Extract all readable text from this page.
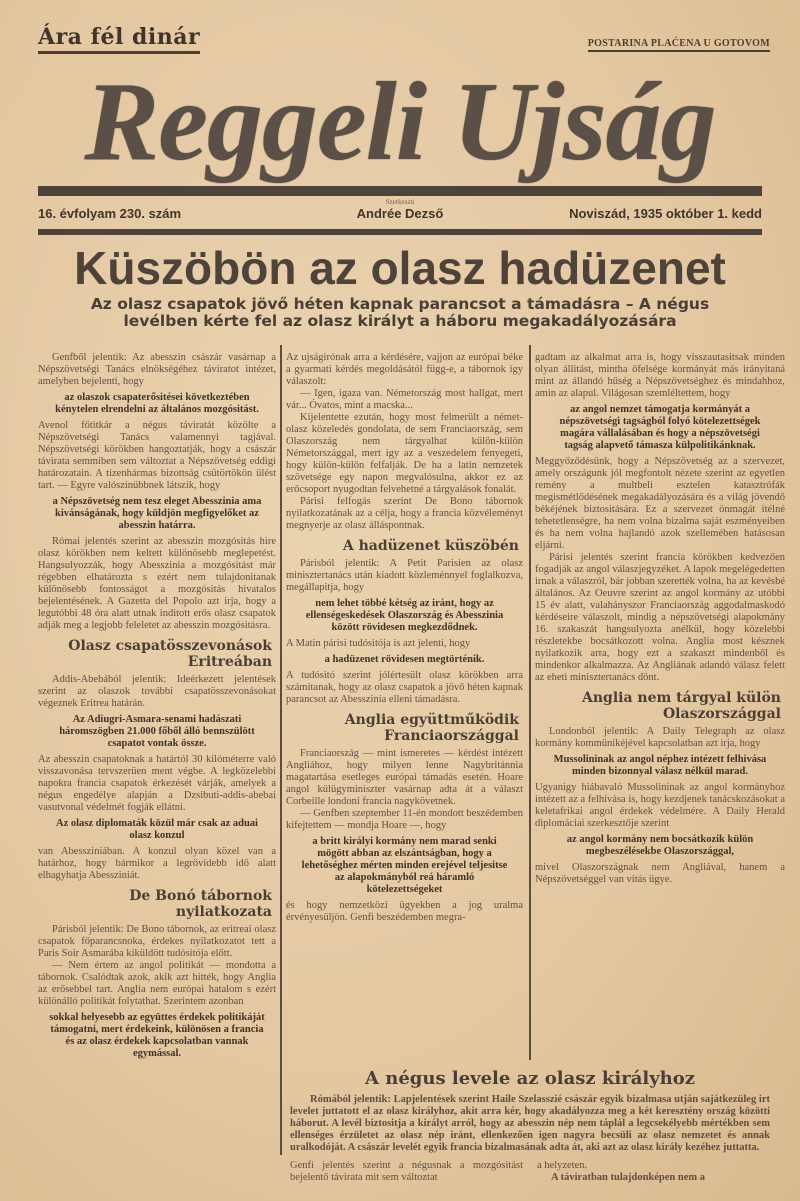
Ára fél dinár	POSTARINA PLAĆENA U GOTOVOM
Reggeli Ujság
Szerkeszti
16. évfolyam 230. szám	Andrée Dezső	Noviszád, 1935 október 1. kedd
Küszöbön az olasz hadüzenet
Az olasz csapatok jövő héten kapnak parancsot a támadásra – A négus levélben kérte fel az olasz királyt a háboru megakadályozására

Genfből jelentik: Az abesszin császár vasárnap a Népszövetségi Tanács elnökségéhez táviratot intézet, amelyben bejelenti, hogy

az olaszok csapaterősitései következtében kénytelen elrendelni az általános mozgósitást.

Avenol főtitkár a négus táviratát közölte a Népszövetségi Tanács valamennyi tagjával. Népszövetségi körökben hangoztatják, hogy a császár távirata semmiben sem változtat a Népszövetség eddigi határozatain. A tizenhármas bizottság csütörtökön ülést tart. — Egyre valószinübbnek látszik, hogy

a Népszövetség nem tesz eleget Abesszinia ama kivánságának, hogy küldjön megfigyelőket az abesszin határra.

Római jelentés szerint az abesszin mozgósitás hire olasz körökben nem keltett különösebb meglepetést. Hangsulyozzák, hogy Abesszinia a mozgósitást már régebben elhatározta s ezért nem tulajdonitanak különösebb fontosságot a mozgósitás hivatalos bejelentésének. A Gazetta del Popolo azt irja, hogy a legutóbbi 48 óra alatt utnak inditott erős olasz csapatok adják meg a legjobb feleletet az abesszin mozgósitásra.

Olasz csapatösszevonások Eritreában

Addis-Abebából jelentik: Ideérkezett jelentések szerint az olaszok további csapatösszevonásokat végeznek Eritrea határán.

Az Adiugri-Asmara-senami hadászati háromszögben 21.000 főből álló bennszülött csapatot vontak össze.

Az abesszin csapatoknak a határtól 30 kilóméterre való visszavonása tervszerüen ment végbe. A legközelebbi napokra francia csapatok érkezését várják, amelyek a négus engedélye alapján a Dzsibuti-addis-abebai vasutvonal védelmét fogják ellátni.

Az olasz diplomaták közül már csak az aduai olasz konzul

van Abessziniában. A konzul olyan közel van a határhoz, hogy bármikor a legrövidebb idő alatt elhagyhatja Abessziniát.

De Bonó tábornok nyilatkozata

Párisból jelentik: De Bono tábornok, az eritreai olasz csapatok főparancsnoka, érdekes nyilatkozatot tett a Paris Soir Asmarába kiküldött tudósitója előtt.

— Nem értem az angol politikát — mondotta a tábornok. Csalódtak azok, akik azt hitték, hogy Anglia az erősebbel tart. Anglia nem európai hatalom s ezért különálló politikát folytathat. Szerintem azonban

sokkal helyesebb az együttes érdekek politikáját támogatni, mert érdekeink, különösen a francia és az olasz érdekek kapcsolatban vannak egymással.

Az ujságirónak arra a kérdésére, vajjon az európai béke a gyarmati kérdés megoldásától függ-e, a tábornok igy válaszolt:

— Igen, igaza van. Németország most hallgat, mert vár... Óvatos, mint a macska...

Kijelentette ezután, hogy most felmerült a német-olasz közeledés gondolata, de sem Franciaország, sem Olaszország nem tárgyalhat külön-külön Németországgal, mert igy az a veszedelem fenyegeti, hogy külön-külön felfalják. De ha a latin nemzetek szövetsége egy napon megvalósulna, akkor ez az erőcsoport nyugodtan felvehetné a tárgyalások fonalát.

Párisi felfogás szerint De Bono tábornok nyilatkozatának az a célja, hogy a francia közvéleményt megnyerje az olasz álláspontnak.

A hadüzenet küszöbén

Párisból jelentik: A Petit Parisien az olasz minisztertanács után kiadott közleménnyel foglalkozva, megállapitja, hogy

nem lehet többé kétség az iránt, hogy az ellenségeskedések Olaszország és Abesszinia között rövidesen megkezdődnek.

A Matin párisi tudósitója is azt jelenti, hogy

a hadüzenet rövidesen megtörténik.

A tudósitó szerint jólértesült olasz körökben arra számitanak, hogy az olasz csapatok a jövő héten kapnak parancsot az Abesszinia elleni támadásra.

Anglia együttműködik Franciaországgal

Franciaország — mint ismeretes — kérdést intézett Angliához, hogy milyen lenne Nagybritánnia magatartása esetleges európai támadás esetén. Hoare angol külügyminiszter vasárnap adta át a választ Corbeille londoni francia nagykövetnek.

— Genfben szeptember 11-én mondott beszédemben kifejtettem — mondja Hoare —, hogy

a britt királyi kormány nem marad senki mögött abban az elszántságban, hogy a lehetőséghez mérten minden erejével teljesitse az alapokmányból reá háramló kötelezettségeket

és hogy nemzetközi ügyekben a jog uralma érvényesüljön. Genfi beszédemben megra-

gadtam az alkalmat arra is, hogy visszautasitsak minden olyan állitást, mintha őfelsége kormányát más irányitaná mint az állandó hűség a Népszövetséghez és mindahhoz, amin az alapul. Világosan szemléltettem, hogy

az angol nemzet támogatja kormányát a népszövetségi tagságból folyó kötelezettségek magára vállalásában és hogy a népszövetségi tagság alapvető támasza külpolitikánknak.

Meggyőződésünk, hogy a Népszövetség az a szervezet, amely országunk jól megfontolt nézete szerint az egyetlen remény a multbeli esztelen katasztrófák megismétlődésének megakadályozására és a világ jövendő békéjének biztositására. Ez a szervezet önmagát itélné tehetetlenségre, ha nem volna bizalma saját eszményeiben és ha nem volna hajlandó azok szellemében hatásosan eljárni.

Párisi jelentés szerint francia körökben kedvezően fogadják az angol válaszjegyzéket. A lapok megelégedetten irnak a válaszról, bár jobban szerették volna, ha az kevésbé általános. Az Oeuvre szerint az angol kormány az utóbbi 15 év alatt, valahányszor Franciaország aggodalmaskodó kérdéseire válaszolt, mindig a népszövetségi alapokmány 16. szakaszát hangsulyozta anélkül, hogy közelebbi részletekbe bocsátkozott volna. Anglia most késznek nyilatkozik arra, hogy ezt a szakaszt mindenből és mindenkor alkalmazza. Az Angliának adandó válasz felett az eheti minisztertanács dönt.

Anglia nem tárgyal külön Olaszországgal

Londonból jelentik: A Daily Telegraph az olasz kormány kommünikéjével kapcsolatban azt irja, hogy

Mussolininak az angol néphez intézett felhivása minden bizonnyal válasz nélkül marad.

Ugyanigy hiábavaló Mussolininak az angol kormányhoz intézett az a felhivása is, hogy kezdjenek tanácskozásokat a keletafrikai angol érdekek védelmére. A Daily Herald diplomáciai szerkesztője szerint

az angol kormány nem bocsátkozik külön megbeszélésekbe Olaszországgal,

mivel Olaszországnak nem Angliával, hanem a Népszövetséggel van vitás ügye.

A négus levele az olasz királyhoz
Rómából jelentik: Lapjelentések szerint Haile Szelasszié császár egyik bizalmasa utján sajátkezüleg irt levelet juttatott el az olasz királyhoz, akit arra kér, hogy akadályozza meg a két keresztény ország közötti háborut. A levél biztositja a királyt arról, hogy az abesszin nép nem táplál a legcsekélyebb mértékben sem ellenséges érzületet az olasz nép iránt, ellenkezően igen nagyra becsüli az olasz nemzetet és annak uralkodóját. A császár levelét egyik francia bizalmasának adta át, aki azt az olasz király kezéhez juttatta.
Genfi jelentés szerint a négusnak a mozgósitást bejelentő távirata mit sem változtat
a helyzeten.
A táviratban tulajdonképen nem a
